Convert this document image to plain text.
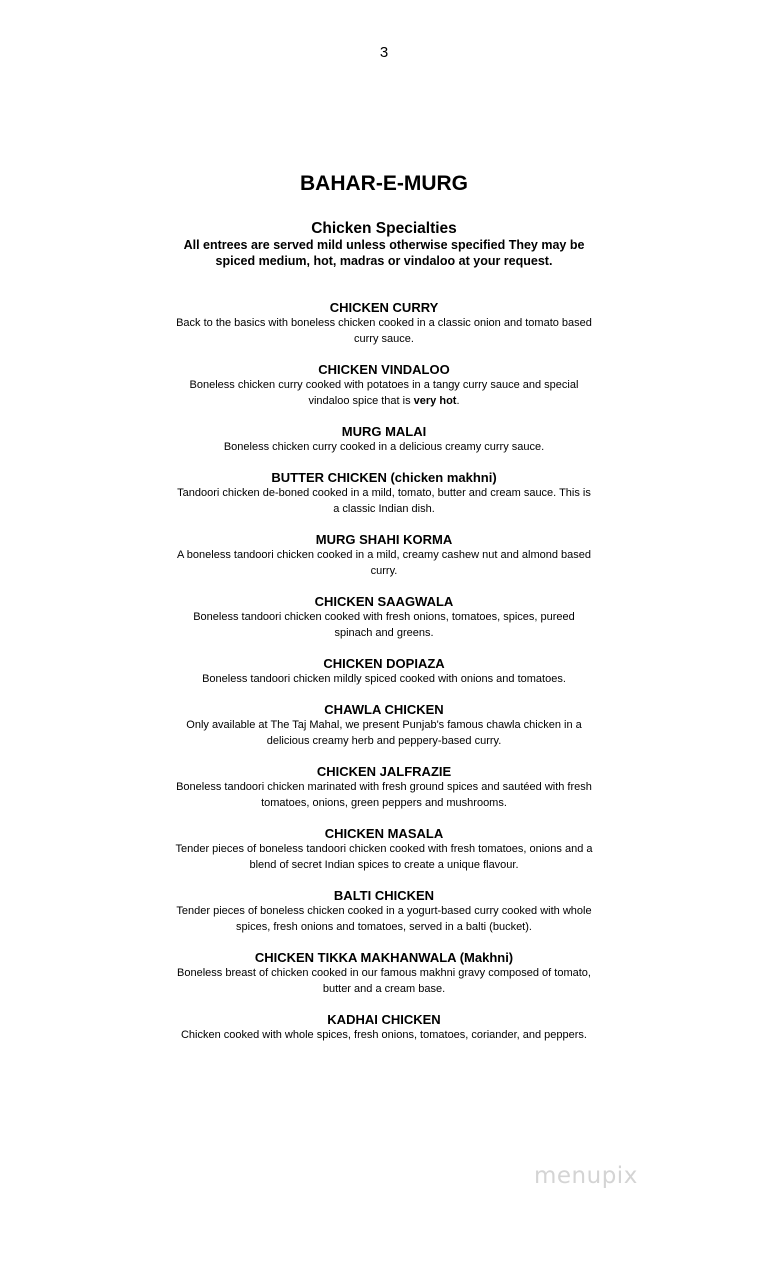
3
BAHAR-E-MURG
Chicken Specialties
All entrees are served mild unless otherwise specified They may be spiced medium, hot, madras or vindaloo at your request.
CHICKEN CURRY
Back to the basics with boneless chicken cooked in a classic onion and tomato based curry sauce.
CHICKEN VINDALOO
Boneless chicken curry cooked with potatoes in a tangy curry sauce and special vindaloo spice that is very hot.
MURG MALAI
Boneless chicken curry cooked in a delicious creamy curry sauce.
BUTTER CHICKEN (chicken makhni)
Tandoori chicken de-boned cooked in a mild, tomato, butter and cream sauce. This is a classic Indian dish.
MURG SHAHI KORMA
A boneless tandoori chicken cooked in a mild, creamy cashew nut and almond based curry.
CHICKEN SAAGWALA
Boneless tandoori chicken cooked with fresh onions, tomatoes, spices, pureed spinach and greens.
CHICKEN DOPIAZA
Boneless tandoori chicken mildly spiced cooked with onions and tomatoes.
CHAWLA CHICKEN
Only available at The Taj Mahal, we present Punjab's famous chawla chicken in a delicious creamy herb and peppery-based curry.
CHICKEN JALFRAZIE
Boneless tandoori chicken marinated with fresh ground spices and sautéed with fresh tomatoes, onions, green peppers and mushrooms.
CHICKEN MASALA
Tender pieces of boneless tandoori chicken cooked with fresh tomatoes, onions and a blend of secret Indian spices to create a unique flavour.
BALTI CHICKEN
Tender pieces of boneless chicken cooked in a yogurt-based curry cooked with whole spices, fresh onions and tomatoes, served in a balti (bucket).
CHICKEN TIKKA MAKHANWALA (Makhni)
Boneless breast of chicken cooked in our famous makhni gravy composed of tomato, butter and a cream base.
KADHAI CHICKEN
Chicken cooked with whole spices, fresh onions, tomatoes, coriander, and peppers.
menupix
